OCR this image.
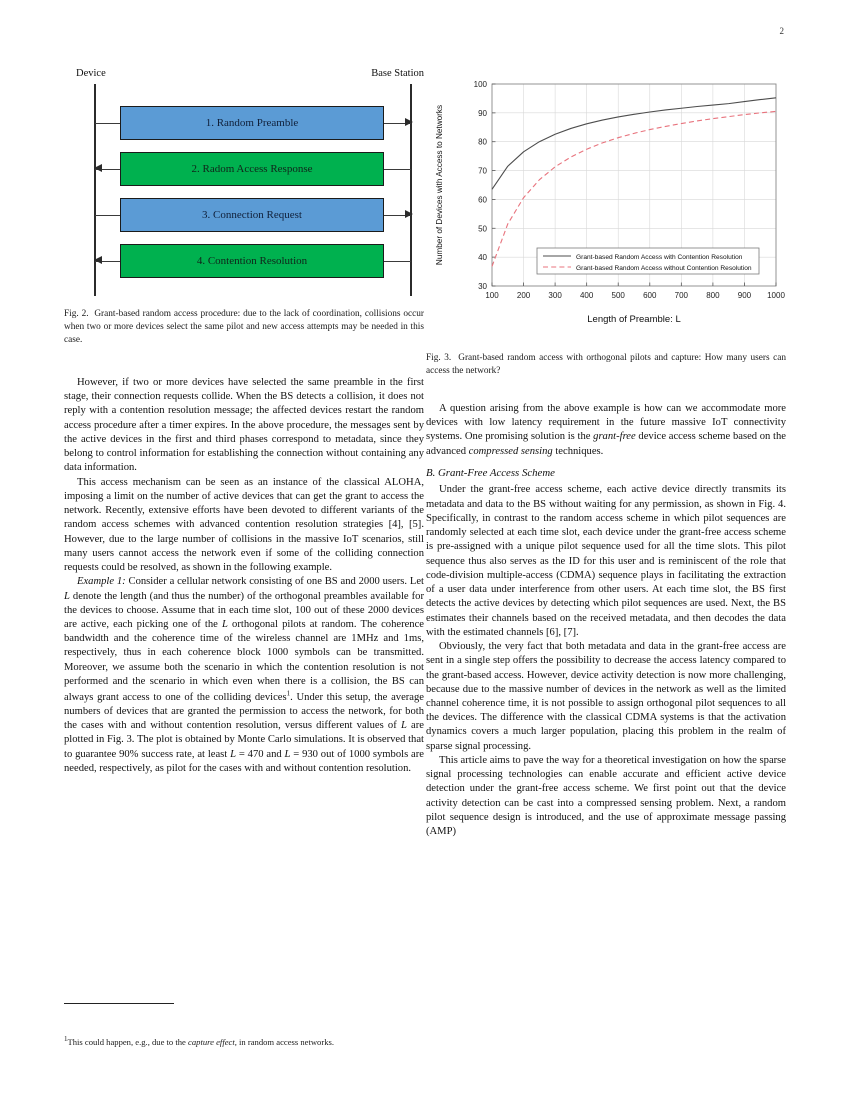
2
Device	Base Station
1. Random Preamble
2. Radom Access Response
3. Connection Request
4. Contention Resolution
Fig. 2. Grant-based random access procedure: due to the lack of coordination, collisions occur when two or more devices select the same pilot and new access attempts may be needed in this case.
100 200 300 400 500 600 700 800 900 1000
30
40
50
60
70
80
90
100
Length of Preamble: L
Number of Devices with Access to Networks	Grant-based Random Access with Contention Resolution
Grant-based Random Access without Contention Resolution
Fig. 3. Grant-based random access with orthogonal pilots and capture: How many users can access the network?

However, if two or more devices have selected the same preamble in the first stage, their connection requests collide. When the BS detects a collision, it does not reply with a contention resolution message; the affected devices restart the random access procedure after a timer expires. In the above procedure, the messages sent by the active devices in the first and third phases correspond to metadata, since they belong to control information for establishing the connection without containing any data information.

This access mechanism can be seen as an instance of the classical ALOHA, imposing a limit on the number of active devices that can get the grant to access the network. Recently, extensive efforts have been devoted to different variants of the random access schemes with advanced contention resolution strategies [4], [5]. However, due to the large number of collisions in the massive IoT scenarios, still many users cannot access the network even if some of the colliding connection requests could be resolved, as shown in the following example.

Example 1: Consider a cellular network consisting of one BS and 2000 users. Let L denote the length (and thus the number) of the orthogonal preambles available for the devices to choose. Assume that in each time slot, 100 out of these 2000 devices are active, each picking one of the L orthogonal pilots at random. The coherence bandwidth and the coherence time of the wireless channel are 1MHz and 1ms, respectively, thus in each coherence block 1000 symbols can be transmitted. Moreover, we assume both the scenario in which the contention resolution is not performed and the scenario in which even when there is a collision, the BS can always grant access to one of the colliding devices$^1$. Under this setup, the average numbers of devices that are granted the permission to access the network, for both the cases with and without contention resolution, versus different values of L are plotted in Fig. 3. The plot is obtained by Monte Carlo simulations. It is observed that to guarantee 90% success rate, at least L = 470 and L = 930 out of 1000 symbols are needed, respectively, as pilot for the cases with and without contention resolution.

$^1$This could happen, e.g., due to the capture effect, in random access networks.

A question arising from the above example is how can we accommodate more devices with low latency requirement in the future massive IoT connectivity systems. One promising solution is the grant-free device access scheme based on the advanced compressed sensing techniques.

B. Grant-Free Access Scheme

Under the grant-free access scheme, each active device directly transmits its metadata and data to the BS without waiting for any permission, as shown in Fig. 4. Specifically, in contrast to the random access scheme in which pilot sequences are randomly selected at each time slot, each device under the grant-free access scheme is pre-assigned with a unique pilot sequence used for all the time slots. This pilot sequence thus also serves as the ID for this user and is reminiscent of the role that code-division multiple-access (CDMA) sequence plays in facilitating the extraction of a user data under interference from other users. At each time slot, the BS first detects the active devices by detecting which pilot sequences are used. Next, the BS estimates their channels based on the received metadata, and then decodes the data with the estimated channels [6], [7].

Obviously, the very fact that both metadata and data in the grant-free access are sent in a single step offers the possibility to decrease the access latency compared to the grant-based access. However, device activity detection is now more challenging, because due to the massive number of devices in the network as well as the limited channel coherence time, it is not possible to assign orthogonal pilot sequences to all the devices. The difference with the classical CDMA systems is that the activation dynamics covers a much larger population, placing this problem in the realm of sparse signal processing.

This article aims to pave the way for a theoretical investigation on how the sparse signal processing technologies can enable accurate and efficient active device detection under the grant-free access scheme. We first point out that the device activity detection can be cast into a compressed sensing problem. Next, a random pilot sequence design is introduced, and the use of approximate message passing (AMP)
